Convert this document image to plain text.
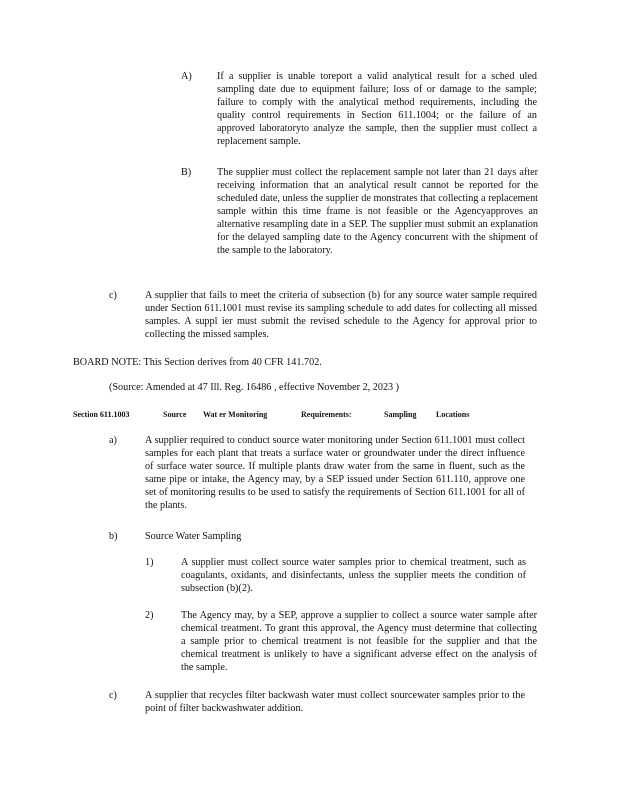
A) If a supplier is unable toreport a valid analytical result for a sched uled sampling date due to equipment failure; loss of or damage to the sample; failure to comply with the analytical method requirements, including the quality control requirements in Section 611.1004; or the failure of an approved laboratoryto analyze the sample, then the supplier must collect a replacement sample.
B)	The supplier must collect the replacement sample not later than 21 days after receiving information that an analytical result cannot be reported for the scheduled date, unless the supplier de monstrates that collecting a replacement sample within this time frame is not feasible or the Agencyapproves an alternative resampling date in a SEP. The supplier must submit an explanation for the delayed sampling date to the Agency concurrent with the shipment of the sample to the laboratory.
c)	A supplier that fails to meet the criteria of subsection (b) for any source water sample required under Section 611.1001 must revise its sampling schedule to add dates for collecting all missed samples. A suppl ier must submit the revised schedule to the Agency for approval prior to collecting the missed samples.
BOARD NOTE: This Section derives from 40 CFR 141.702.
(Source: Amended at 47 Ill. Reg. 16486 , effective November 2, 2023 )
Section 611.1003	Source Wat er Monitoring	Requirements:	Sampling Locations
a)	A supplier required to conduct source water monitoring under Section 611.1001 must collect samples for each plant that treats a surface water or groundwater under the direct influence of surface water source. If multiple plants draw water from the same in fluent, such as the same pipe or intake, the Agency may, by a SEP issued under Section 611.110, approve one set of monitoring results to be used to satisfy the requirements of Section 611.1001 for all of the plants.
b)	Source Water Sampling
1)	A supplier must collect source water samples prior to chemical treatment, such as coagulants, oxidants, and disinfectants, unless the supplier meets the condition of subsection (b)(2).
2)	The Agency may, by a SEP, approve a supplier to collect a source water sample after chemical treatment. To grant this approval, the Agency must determine that collecting a sample prior to chemical treatment is not feasible for the supplier and that the chemical treatment is unlikely to have a significant adverse effect on the analysis of the sample.
c)	A supplier that recycles filter backwash water must collect sourcewater samples prior to the point of filter backwashwater addition.
